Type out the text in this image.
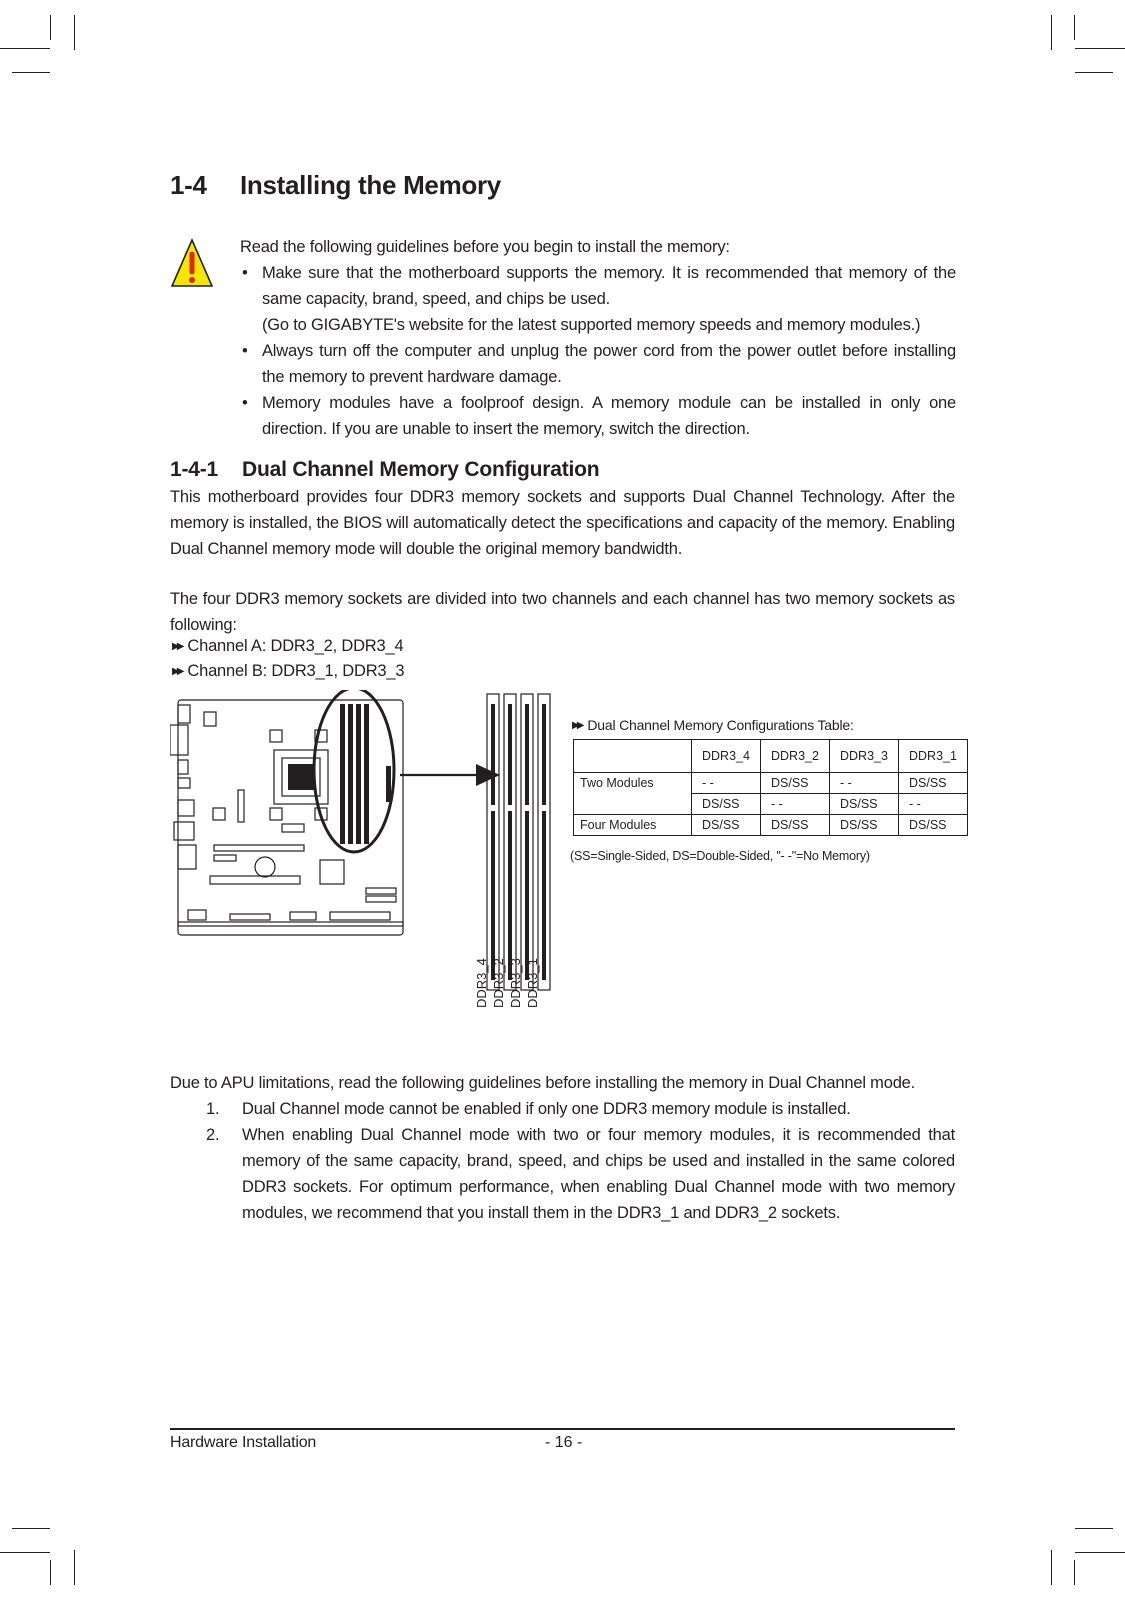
1-4 Installing the Memory
Read the following guidelines before you begin to install the memory:
• Make sure that the motherboard supports the memory. It is recommended that memory of the same capacity, brand, speed, and chips be used.
(Go to GIGABYTE's website for the latest supported memory speeds and memory modules.)
• Always turn off the computer and unplug the power cord from the power outlet before installing the memory to prevent hardware damage.
• Memory modules have a foolproof design. A memory module can be installed in only one direction. If you are unable to insert the memory, switch the direction.
1-4-1 Dual Channel Memory Configuration
This motherboard provides four DDR3 memory sockets and supports Dual Channel Technology. After the memory is installed, the BIOS will automatically detect the specifications and capacity of the memory. Enabling Dual Channel memory mode will double the original memory bandwidth.
The four DDR3 memory sockets are divided into two channels and each channel has two memory sockets as following:
▶▶ Channel A: DDR3_2, DDR3_4
▶▶ Channel B: DDR3_1, DDR3_3
DDR3_4 DDR3_2 DDR3_3 DDR3_1
▶▶ Dual Channel Memory Configurations Table:
	DDR3_4	DDR3_2	DDR3_3	DDR3_1
Two Modules	- -	DS/SS	- -	DS/SS
	DS/SS	- -	DS/SS	- -
Four Modules	DS/SS	DS/SS	DS/SS	DS/SS
(SS=Single-Sided, DS=Double-Sided, "- -"=No Memory)
Due to APU limitations, read the following guidelines before installing the memory in Dual Channel mode.
1. Dual Channel mode cannot be enabled if only one DDR3 memory module is installed.
2. When enabling Dual Channel mode with two or four memory modules, it is recommended that memory of the same capacity, brand, speed, and chips be used and installed in the same colored DDR3 sockets. For optimum performance, when enabling Dual Channel mode with two memory modules, we recommend that you install them in the DDR3_1 and DDR3_2 sockets.
Hardware Installation	- 16 -
